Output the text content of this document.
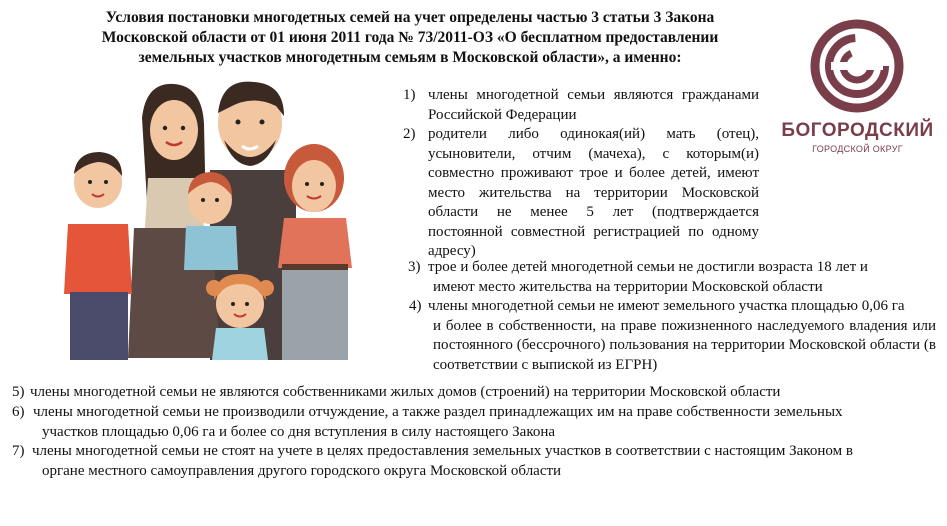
Условия постановки многодетных семей на учет определены частью 3 статьи 3 Закона
Московской области от 01 июня 2011 года № 73/2011-ОЗ «О бесплатном предоставлении
земельных участков многодетным семьям в Московской области», а именно:
БОГОРОДСКИЙ
ГОРОДСКОЙ ОКРУГ
1) члены многодетной семьи являются гражданами Российской Федерации
2) родители либо одинокая(ий) мать (отец), усыновители, отчим (мачеха), с которым(и) совместно проживают трое и более детей, имеют место жительства на территории Московской области не менее 5 лет (подтверждается постоянной совместной регистрацией по одному адресу)
3) трое и более детей многодетной семьи не достигли возраста 18 лет и
имеют место жительства на территории Московской области
4) члены многодетной семьи не имеют земельного участка площадью 0,06 га
и более в собственности, на праве пожизненного наследуемого владения или постоянного (бессрочного) пользования на территории Московской области (в соответствии с выпиской из ЕГРН)
5) члены многодетной семьи не являются собственниками жилых домов (строений) на территории Московской области
6) члены многодетной семьи не производили отчуждение, а также раздел принадлежащих им на праве собственности земельных
участков площадью 0,06 га и более со дня вступления в силу настоящего Закона
7) члены многодетной семьи не стоят на учете в целях предоставления земельных участков в соответствии с настоящим Законом в
органе местного самоуправления другого городского округа Московской области
